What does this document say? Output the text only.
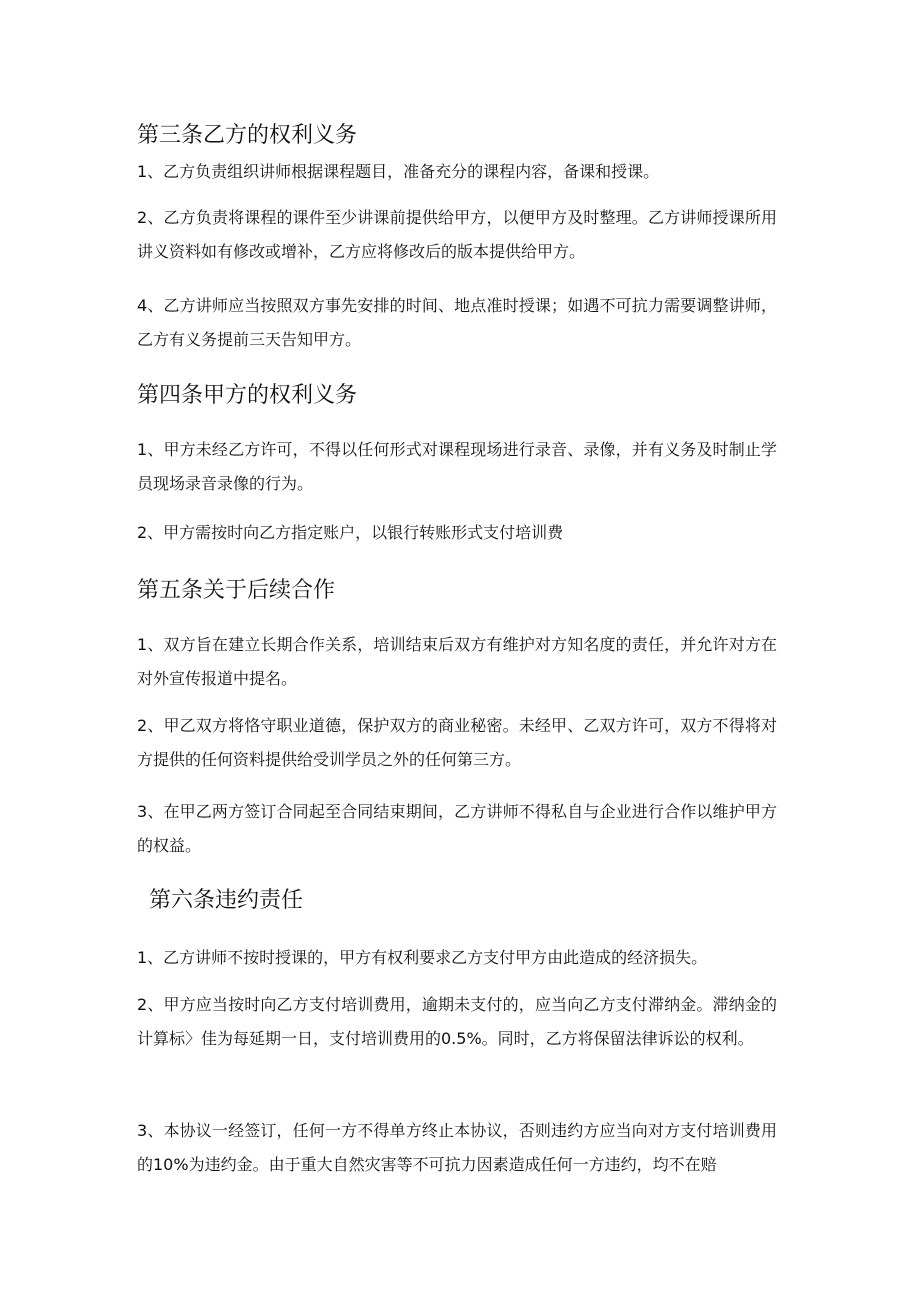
第三条乙方的权利义务

1、乙方负责组织讲师根据课程题目，准备充分的课程内容，备课和授课。

2、乙方负责将课程的课件至少讲课前提供给甲方，以便甲方及时整理。乙方讲师授课所用讲义资料如有修改或增补，乙方应将修改后的版本提供给甲方。

4、乙方讲师应当按照双方事先安排的时间、地点准时授课；如遇不可抗力需要调整讲师，乙方有义务提前三天告知甲方。

第四条甲方的权利义务

1、甲方未经乙方许可，不得以任何形式对课程现场进行录音、录像，并有义务及时制止学员现场录音录像的行为。

2、甲方需按时向乙方指定账户，以银行转账形式支付培训费

第五条关于后续合作

1、双方旨在建立长期合作关系，培训结束后双方有维护对方知名度的责任，并允许对方在对外宣传报道中提名。

2、甲乙双方将恪守职业道德，保护双方的商业秘密。未经甲、乙双方许可，双方不得将对方提供的任何资料提供给受训学员之外的任何第三方。

3、在甲乙两方签订合同起至合同结束期间，乙方讲师不得私自与企业进行合作以维护甲方的权益。

第六条违约责任

1、乙方讲师不按时授课的，甲方有权利要求乙方支付甲方由此造成的经济损失。

2、甲方应当按时向乙方支付培训费用，逾期未支付的，应当向乙方支付滞纳金。滞纳金的计算标〉佳为每延期一日，支付培训费用的0.5%。同时，乙方将保留法律诉讼的权利。

3、本协议一经签订，任何一方不得单方终止本协议，否则违约方应当向对方支付培训费用的10%为违约金。由于重大自然灾害等不可抗力因素造成任何一方违约，均不在赔
